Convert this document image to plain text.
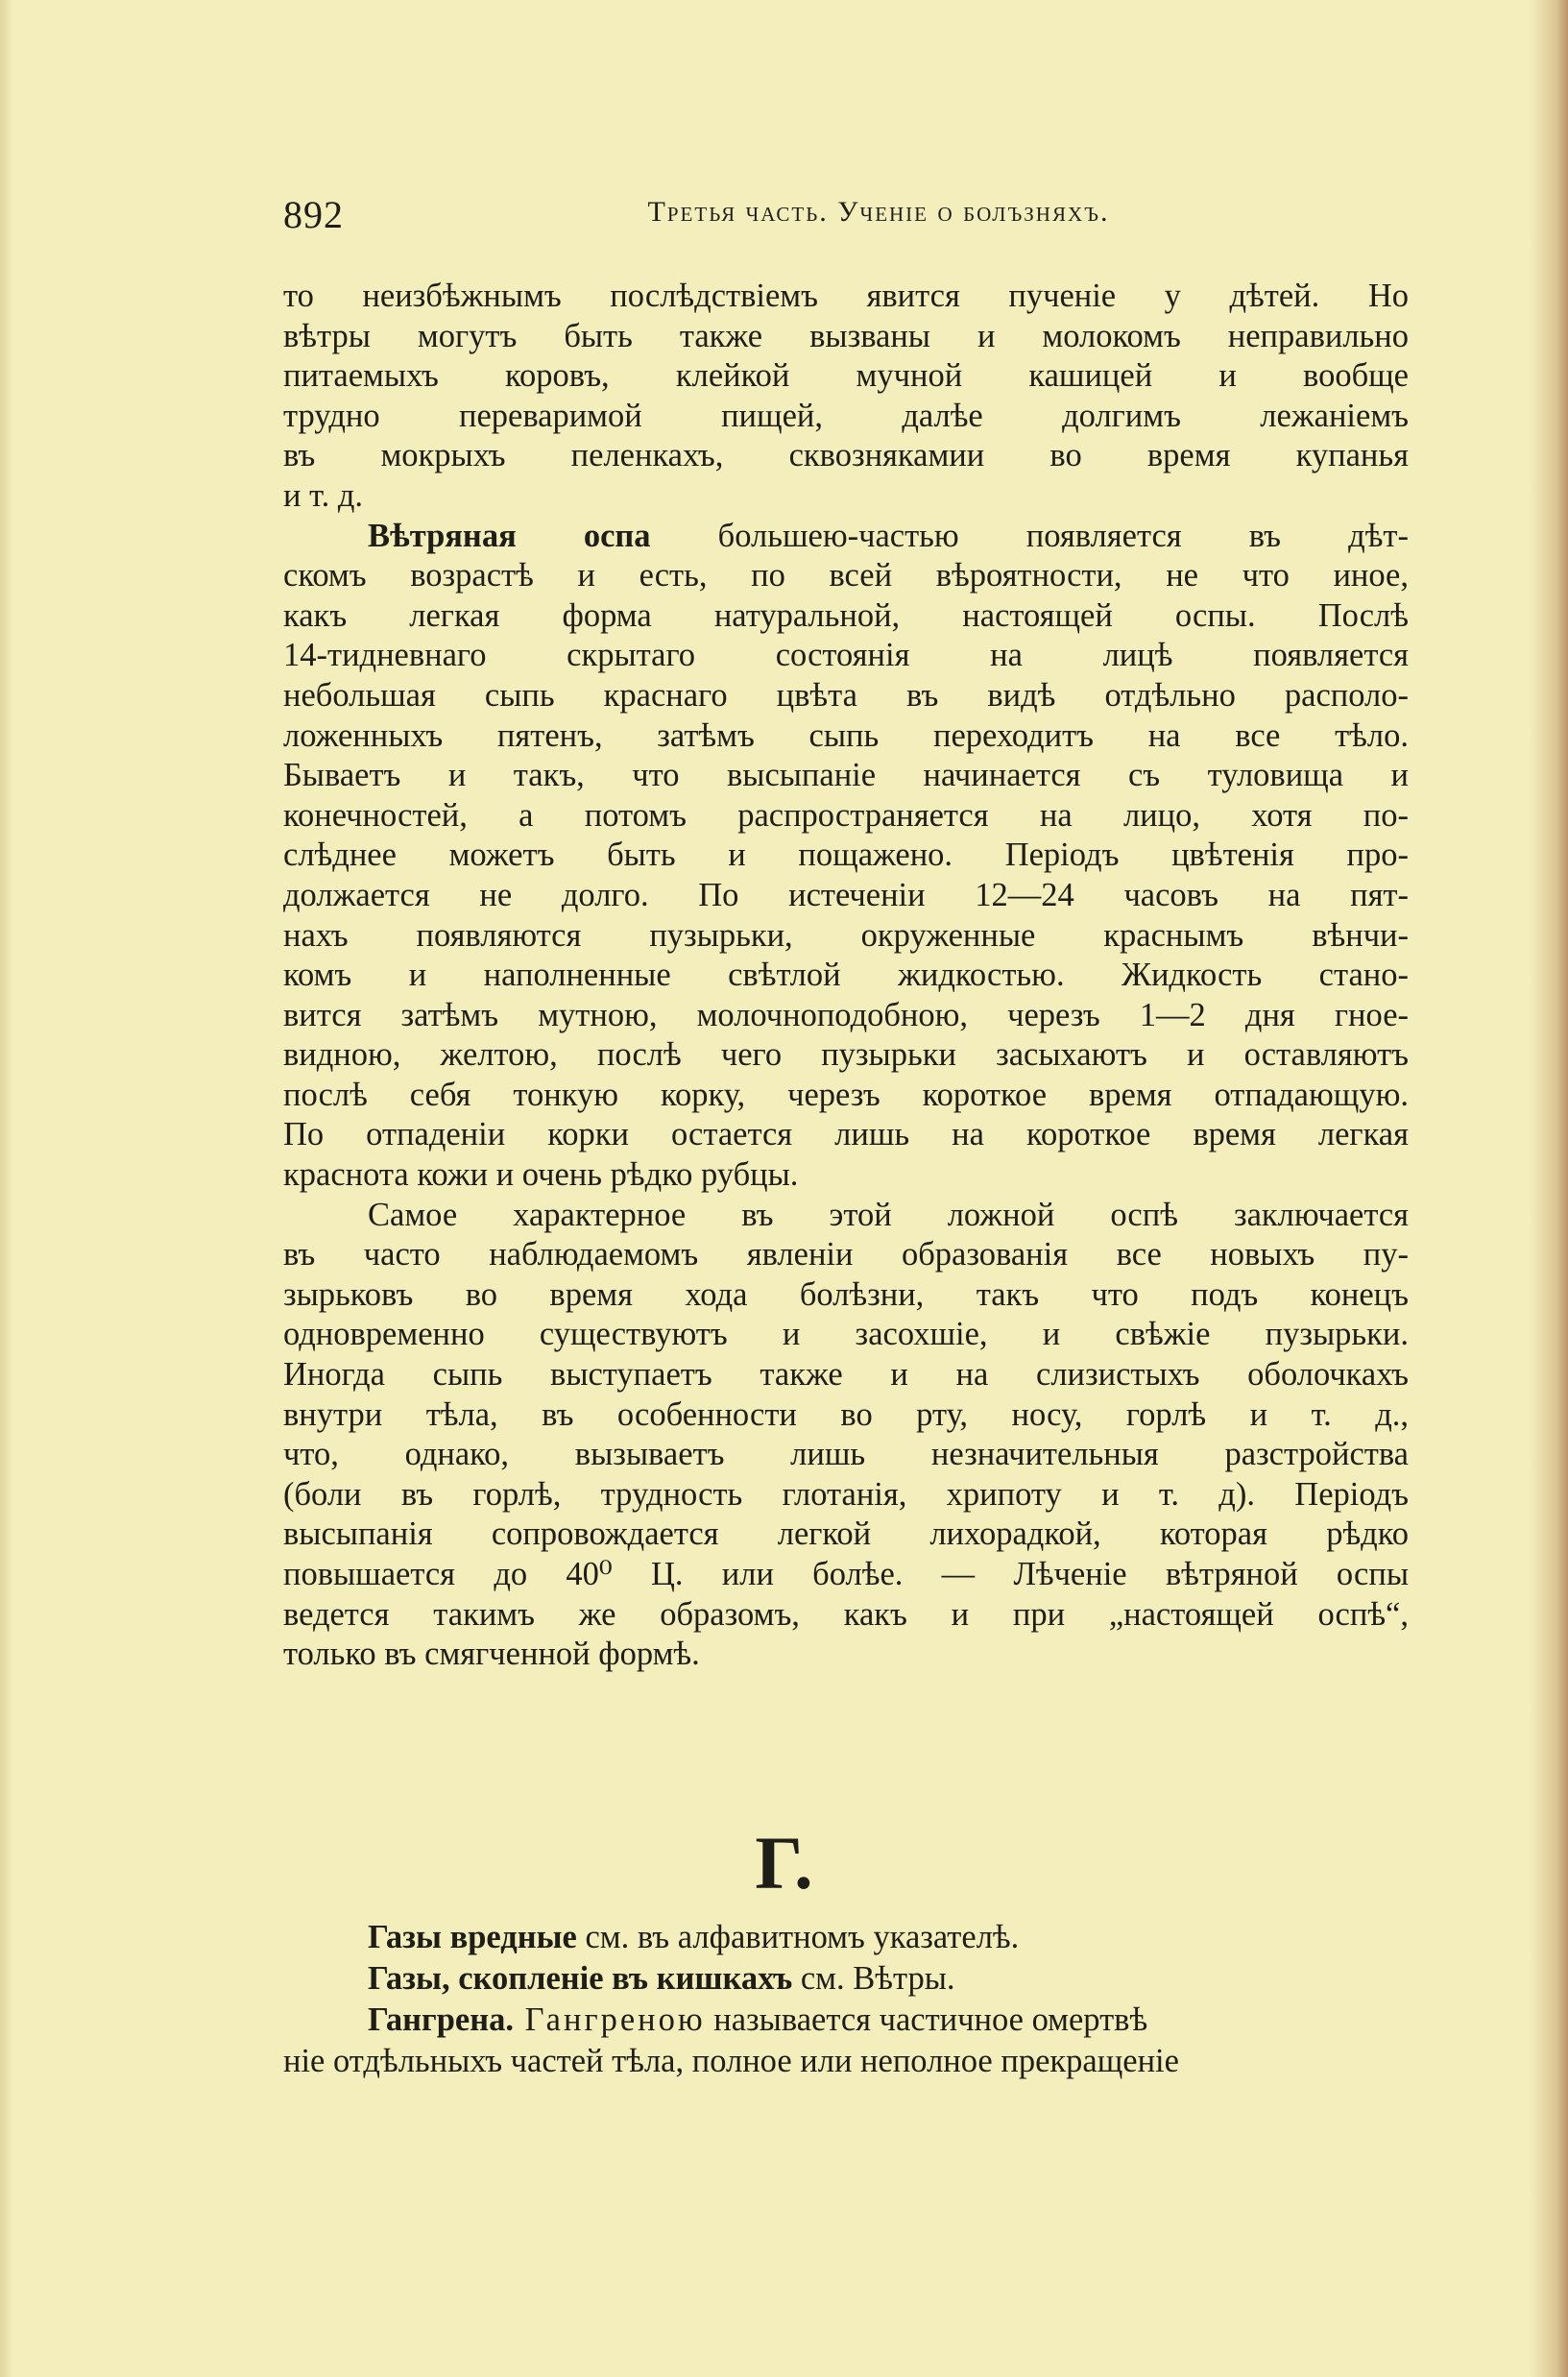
892	Третья часть. Ученiе о болъзняхъ.

то неизбѣжнымъ послѣдствіемъ явится пученіе у дѣтей. Но
вѣтры могутъ быть также вызваны и молокомъ неправильно
питаемыхъ коровъ, клейкой мучной кашицей и вообще
трудно переваримой пищей, далѣе долгимъ лежаніемъ
въ мокрыхъ пеленкахъ, сквознякамии во время купанья
и т. д.

Вѣтряная оспа большею-частью появляется въ дѣт-
скомъ возрастѣ и есть, по всей вѣроятности, не что иное,
какъ легкая форма натуральной, настоящей оспы. Послѣ
14-тидневнаго скрытаго состоянія на лицѣ появляется
небольшая сыпь краснаго цвѣта въ видѣ отдѣльно располо-
ложенныхъ пятенъ, затѣмъ сыпь переходитъ на все тѣло.
Бываетъ и такъ, что высыпаніе начинается съ туловища и
конечностей, а потомъ распространяется на лицо, хотя по-
слѣднее можетъ быть и пощажено. Періодъ цвѣтенія про-
должается не долго. По истеченіи 12—24 часовъ на пят-
нахъ появляются пузырьки, окруженные краснымъ вѣнчи-
комъ и наполненные свѣтлой жидкостью. Жидкость стано-
вится затѣмъ мутною, молочноподобною, черезъ 1—2 дня гное-
видною, желтою, послѣ чего пузырьки засыхаютъ и оставляютъ
послѣ себя тонкую корку, черезъ короткое время отпадающую.
По отпаденіи корки остается лишь на короткое время легкая
краснота кожи и очень рѣдко рубцы.

Самое характерное въ этой ложной оспѣ заключается
въ часто наблюдаемомъ явленіи образованія все новыхъ пу-
зырьковъ во время хода болѣзни, такъ что подъ конецъ
одновременно существуютъ и засохшіе, и свѣжіе пузырьки.
Иногда сыпь выступаетъ также и на слизистыхъ оболочкахъ
внутри тѣла, въ особенности во рту, носу, горлѣ и т. д.,
что, однако, вызываетъ лишь незначительныя разстройства
(боли въ горлѣ, трудность глотанія, хрипоту и т. д). Періодъ
высыпанія сопровождается легкой лихорадкой, которая рѣдко
повышается до 40⁰ Ц. или болѣе. — Лѣченіе вѣтряной оспы
ведется такимъ же образомъ, какъ и при „настоящей оспѣ“,
только въ смягченной формѣ.

Г.

Газы вредные см. въ алфавитномъ указателѣ.

Газы, скопленіе въ кишкахъ см. Вѣтры.

Гангрена. Гангреною называется частичное омертвѣ

ніе отдѣльныхъ частей тѣла, полное или неполное прекращеніе
